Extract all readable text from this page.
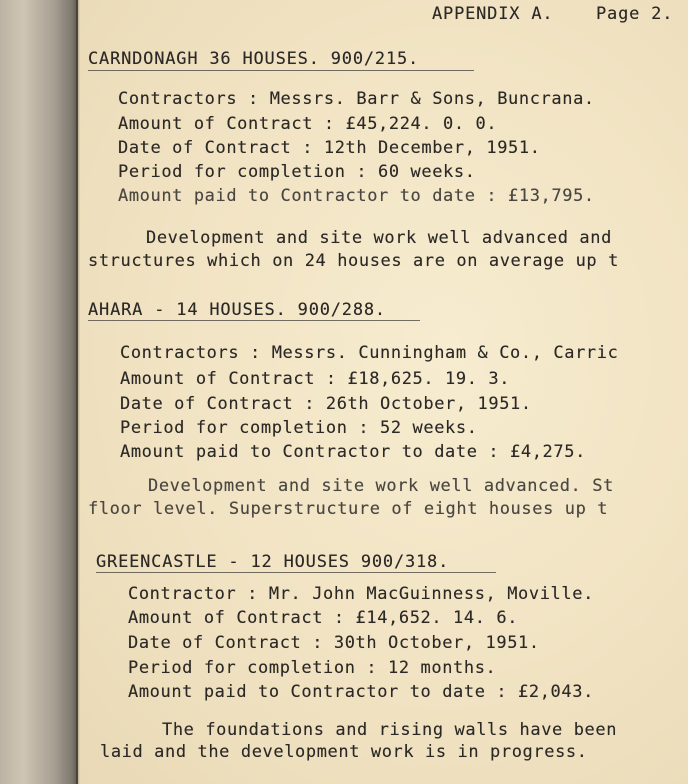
APPENDIX A.	Page 2.
CARNDONAGH 36 HOUSES. 900/215.
Contractors : Messrs. Barr & Sons, Buncrana.
Amount of Contract : £45,224. 0. 0.
Date of Contract : 12th December, 1951.
Period for completion : 60 weeks.
Amount paid to Contractor to date : £13,795.
Development and site work well advanced and
structures which on 24 houses are on average up t
AHARA - 14 HOUSES. 900/288.
Contractors : Messrs. Cunningham & Co., Carric
Amount of Contract : £18,625. 19. 3.
Date of Contract : 26th October, 1951.
Period for completion : 52 weeks.
Amount paid to Contractor to date : £4,275.
Development and site work well advanced. St
floor level. Superstructure of eight houses up t
GREENCASTLE - 12 HOUSES 900/318.
Contractor : Mr. John MacGuinness, Moville.
Amount of Contract : £14,652. 14. 6.
Date of Contract : 30th October, 1951.
Period for completion : 12 months.
Amount paid to Contractor to date : £2,043.
The foundations and rising walls have been
laid and the development work is in progress.
